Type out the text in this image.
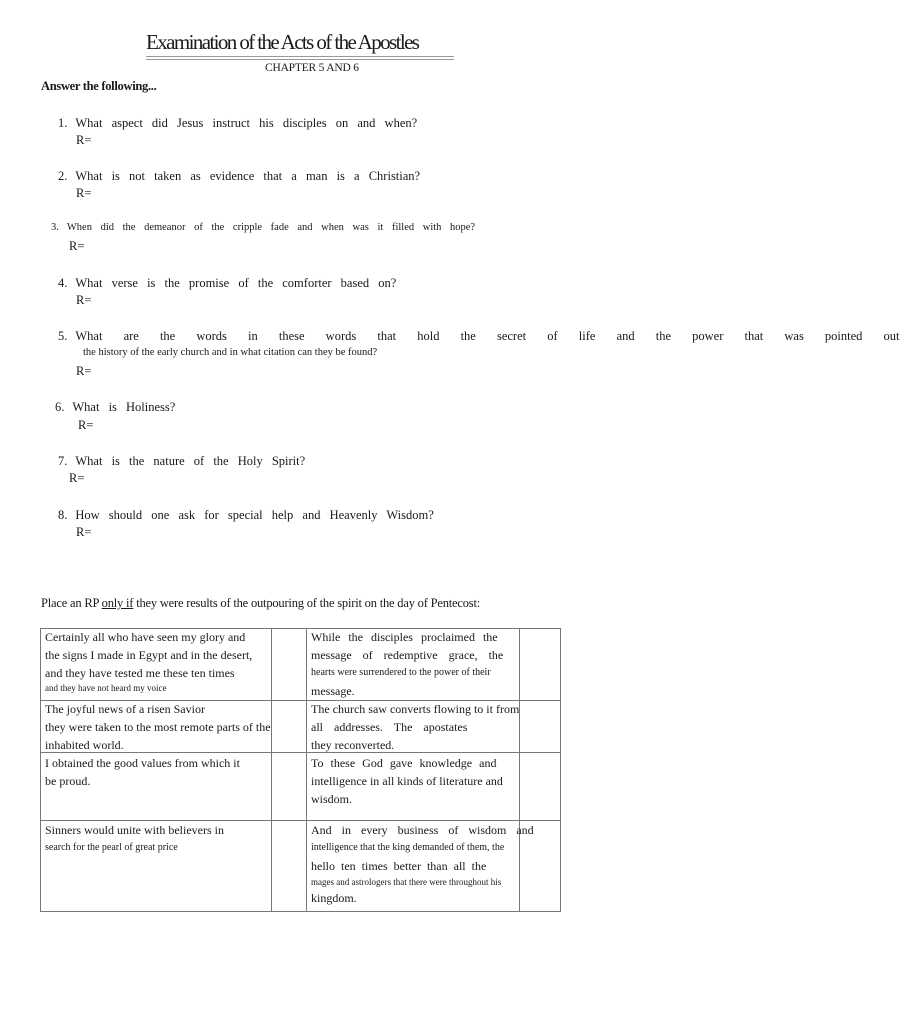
Examination of the Acts of the Apostles
CHAPTER 5 AND 6
Answer the following...
1. What aspect did Jesus instruct his disciples on and when?
R=
2. What is not taken as evidence that a man is a Christian?
R=
3. When did the demeanor of the cripple fade and when was it filled with hope?
R=
4. What verse is the promise of the comforter based on?
R=
5. What are the words in these words that hold the secret of life and the power that was pointed out
the history of the early church and in what citation can they be found?
R=
6. What is Holiness?
R=
7. What is the nature of the Holy Spirit?
R=
8. How should one ask for special help and Heavenly Wisdom?
R=
Place an RP only if they were results of the outpouring of the spirit on the day of Pentecost:
Certainly all who have seen my glory and
the signs I made in Egypt and in the desert,
and they have tested me these ten times
and they have not heard my voice
While the disciples proclaimed the
message of redemptive grace, the
hearts were surrendered to the power of their
message.
The joyful news of a risen Savior
they were taken to the most remote parts of the
inhabited world.
The church saw converts flowing to it from
all addresses. The apostates
they reconverted.
I obtained the good values from which it
be proud.
To these God gave knowledge and
intelligence in all kinds of literature and
wisdom.
Sinners would unite with believers in
search for the pearl of great price
And in every business of wisdom and
intelligence that the king demanded of them, the
hello ten times better than all the
mages and astrologers that there were throughout his
kingdom.
